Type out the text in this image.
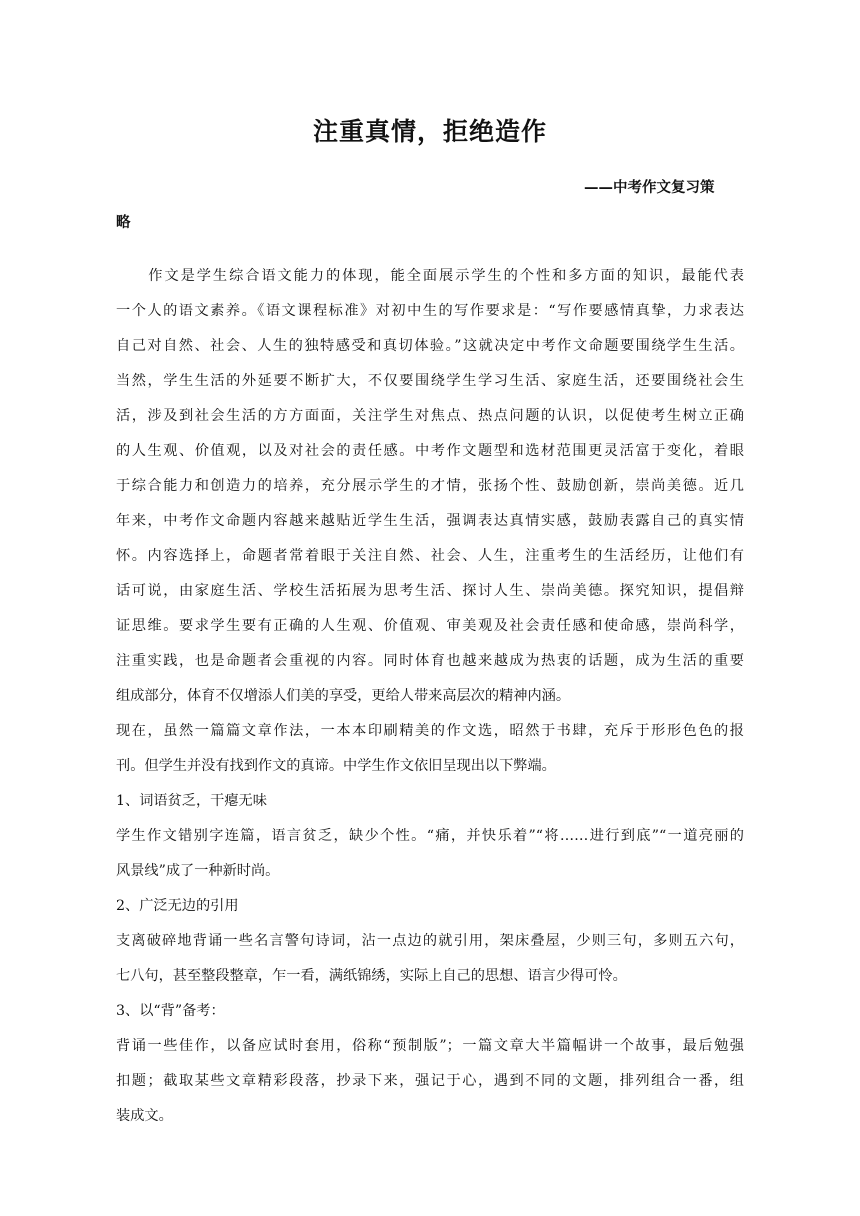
注重真情，拒绝造作
——中考作文复习策
略
　　作文是学生综合语文能力的体现，能全面展示学生的个性和多方面的知识，最能代表
一个人的语文素养。《语文课程标准》对初中生的写作要求是：“写作要感情真挚，力求表达
自己对自然、社会、人生的独特感受和真切体验。”这就决定中考作文命题要围绕学生生活。
当然，学生生活的外延要不断扩大，不仅要围绕学生学习生活、家庭生活，还要围绕社会生
活，涉及到社会生活的方方面面，关注学生对焦点、热点问题的认识，以促使考生树立正确
的人生观、价值观，以及对社会的责任感。中考作文题型和选材范围更灵活富于变化，着眼
于综合能力和创造力的培养，充分展示学生的才情，张扬个性、鼓励创新，崇尚美德。近几
年来，中考作文命题内容越来越贴近学生生活，强调表达真情实感，鼓励表露自己的真实情
怀。内容选择上，命题者常着眼于关注自然、社会、人生，注重考生的生活经历，让他们有
话可说，由家庭生活、学校生活拓展为思考生活、探讨人生、崇尚美德。探究知识，提倡辩
证思维。要求学生要有正确的人生观、价值观、审美观及社会责任感和使命感，崇尚科学，
注重实践，也是命题者会重视的内容。同时体育也越来越成为热衷的话题，成为生活的重要
组成部分，体育不仅增添人们美的享受，更给人带来高层次的精神内涵。
现在，虽然一篇篇文章作法，一本本印刷精美的作文选，昭然于书肆，充斥于形形色色的报
刊。但学生并没有找到作文的真谛。中学生作文依旧呈现出以下弊端。
1、词语贫乏，干瘪无味
学生作文错别字连篇，语言贫乏，缺少个性。“痛，并快乐着”“将……进行到底”“一道亮丽的
风景线”成了一种新时尚。
2、广泛无边的引用
支离破碎地背诵一些名言警句诗词，沾一点边的就引用，架床叠屋，少则三句，多则五六句，
七八句，甚至整段整章，乍一看，满纸锦绣，实际上自己的思想、语言少得可怜。
3、以“背”备考：
背诵一些佳作，以备应试时套用，俗称“预制版”；一篇文章大半篇幅讲一个故事，最后勉强
扣题；截取某些文章精彩段落，抄录下来，强记于心，遇到不同的文题，排列组合一番，组
装成文。
